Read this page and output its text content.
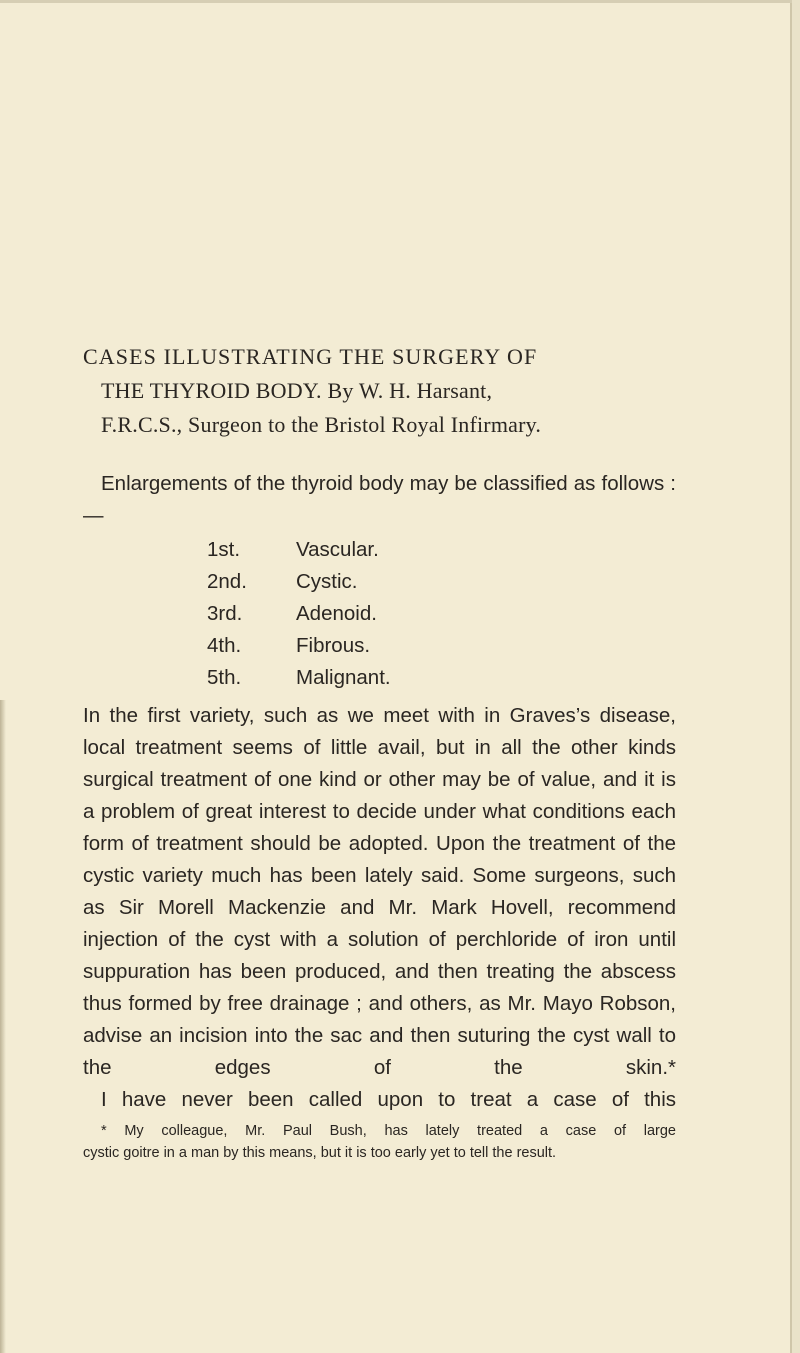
CASES ILLUSTRATING THE SURGERY OF
THE THYROID BODY. By W. H. Harsant,
F.R.C.S., Surgeon to the Bristol Royal Infirmary.

Enlargements of the thyroid body may be classified as follows :—

1st.	Vascular.
2nd.	Cystic.
3rd.	Adenoid.
4th.	Fibrous.
5th.	Malignant.

In the first variety, such as we meet with in Graves’s disease, local treatment seems of little avail, but in all the other kinds surgical treatment of one kind or other may be of value, and it is a problem of great interest to decide under what conditions each form of treatment should be adopted. Upon the treatment of the cystic variety much has been lately said. Some surgeons, such as Sir Morell Mackenzie and Mr. Mark Hovell, recommend injection of the cyst with a solution of perchloride of iron until suppuration has been produced, and then treating the abscess thus formed by free drainage ; and others, as Mr. Mayo Robson, advise an incision into the sac and then suturing the cyst wall to the edges of the skin.*

I have never been called upon to treat a case of this

* My colleague, Mr. Paul Bush, has lately treated a case of large
cystic goitre in a man by this means, but it is too early yet to tell the result.
